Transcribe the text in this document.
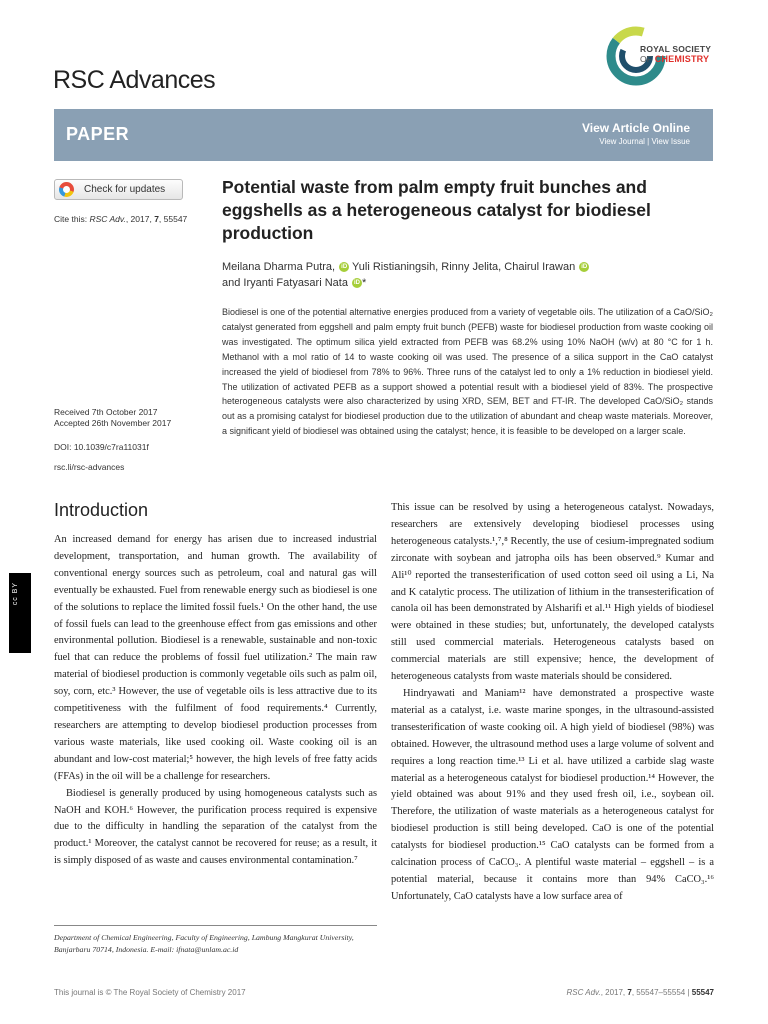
RSC Advances
ROYAL SOCIETY
OF CHEMISTRY
PAPER	View Article Online
View Journal | View Issue
Check for updates
Cite this: RSC Adv., 2017, 7, 55547
Received 7th October 2017
Accepted 26th November 2017
DOI: 10.1039/c7ra11031f
rsc.li/rsc-advances
Potential waste from palm empty fruit bunches and eggshells as a heterogeneous catalyst for biodiesel production
Meilana Dharma Putra, iD Yuli Ristianingsih, Rinny Jelita, Chairul Irawan iD
and Iryanti Fatyasari Nata iD *
Biodiesel is one of the potential alternative energies produced from a variety of vegetable oils. The utilization of a CaO/SiO₂ catalyst generated from eggshell and palm empty fruit bunch (PEFB) waste for biodiesel production from waste cooking oil was investigated. The optimum silica yield extracted from PEFB was 68.2% using 10% NaOH (w/v) at 80 °C for 1 h. Methanol with a mol ratio of 14 to waste cooking oil was used. The presence of a silica support in the CaO catalyst increased the yield of biodiesel from 78% to 96%. Three runs of the catalyst led to only a 1% reduction in biodiesel yield. The utilization of activated PEFB as a support showed a potential result with a biodiesel yield of 83%. The prospective heterogeneous catalysts were also characterized by using XRD, SEM, BET and FT-IR. The developed CaO/SiO₂ stands out as a promising catalyst for biodiesel production due to the utilization of abundant and cheap waste materials. Moreover, a significant yield of biodiesel was obtained using the catalyst; hence, it is feasible to be developed on a larger scale.
Introduction

An increased demand for energy has arisen due to increased industrial development, transportation, and human growth. The availability of conventional energy sources such as petroleum, coal and natural gas will eventually be exhausted. Fuel from renewable energy such as biodiesel is one of the solutions to replace the limited fossil fuels.¹ On the other hand, the use of fossil fuels can lead to the greenhouse effect from gas emissions and other environmental pollution. Biodiesel is a renewable, sustainable and non-toxic fuel that can reduce the problems of fossil fuel utilization.² The main raw material of biodiesel production is commonly vegetable oils such as palm oil, soy, corn, etc.³ However, the use of vegetable oils is less attractive due to its competitiveness with the fulfilment of food requirements.⁴ Currently, researchers are attempting to develop biodiesel production processes from various waste materials, like used cooking oil. Waste cooking oil is an abundant and low-cost material;⁵ however, the high levels of free fatty acids (FFAs) in the oil will be a challenge for researchers.

Biodiesel is generally produced by using homogeneous catalysts such as NaOH and KOH.⁶ However, the purification process required is expensive due to the difficulty in handling the separation of the catalyst from the product.¹ Moreover, the catalyst cannot be recovered for reuse; as a result, it is simply disposed of as waste and causes environmental contamination.⁷

Department of Chemical Engineering, Faculty of Engineering, Lambung Mangkurat University, Banjarbaru 70714, Indonesia. E-mail: ifnata@unlam.ac.id

This issue can be resolved by using a heterogeneous catalyst. Nowadays, researchers are extensively developing biodiesel processes using heterogeneous catalysts.¹,⁷,⁸ Recently, the use of cesium-impregnated sodium zirconate with soybean and jatropha oils has been observed.⁹ Kumar and Ali¹⁰ reported the transesterification of used cotton seed oil using a Li, Na and K catalytic process. The utilization of lithium in the transesterification of canola oil has been demonstrated by Alsharifi et al.¹¹ High yields of biodiesel were obtained in these studies; but, unfortunately, the developed catalysts still used commercial materials. Heterogeneous catalysts based on commercial materials are still expensive; hence, the development of heterogeneous catalysts from waste materials should be considered.

Hindryawati and Maniam¹² have demonstrated a prospective waste material as a catalyst, i.e. waste marine sponges, in the ultrasound-assisted transesterification of waste cooking oil. A high yield of biodiesel (98%) was obtained. However, the ultrasound method uses a large volume of solvent and requires a long reaction time.¹³ Li et al. have utilized a carbide slag waste material as a heterogeneous catalyst for biodiesel production.¹⁴ However, the yield obtained was about 91% and they used fresh oil, i.e., soybean oil. Therefore, the utilization of waste materials as a heterogeneous catalyst for biodiesel production is still being developed. CaO is one of the potential catalysts for biodiesel production.¹⁵ CaO catalysts can be formed from a calcination process of CaCO₃. A plentiful waste material – eggshell – is a potential material, because it contains more than 94% CaCO₃.¹⁶ Unfortunately, CaO catalysts have a low surface area of

cc BY
This journal is © The Royal Society of Chemistry 2017	RSC Adv., 2017, 7, 55547–55554 | 55547
